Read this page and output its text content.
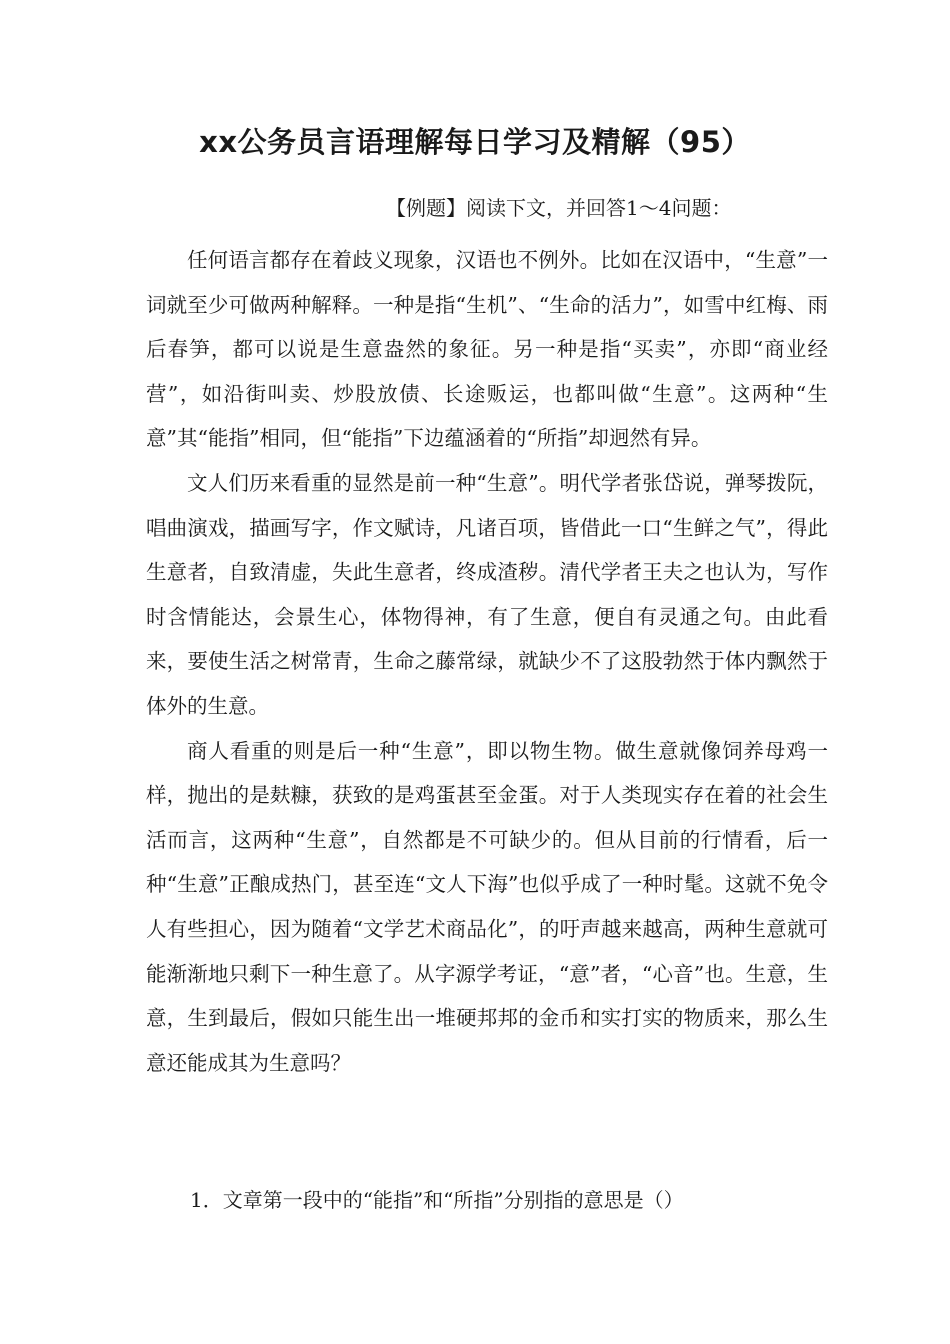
xx公务员言语理解每日学习及精解（95）
【例题】阅读下文，并回答1～4问题：

任何语言都存在着歧义现象，汉语也不例外。比如在汉语中，“生意”一词就至少可做两种解释。一种是指“生机”、“生命的活力”，如雪中红梅、雨后春笋，都可以说是生意盎然的象征。另一种是指“买卖”，亦即“商业经营”，如沿街叫卖、炒股放债、长途贩运，也都叫做“生意”。这两种“生意”其“能指”相同，但“能指”下边蕴涵着的“所指”却迥然有异。

文人们历来看重的显然是前一种“生意”。明代学者张岱说，弹琴拨阮，唱曲演戏，描画写字，作文赋诗，凡诸百项，皆借此一口“生鲜之气”，得此生意者，自致清虚，失此生意者，终成渣秽。清代学者王夫之也认为，写作时含情能达，会景生心，体物得神，有了生意，便自有灵通之句。由此看来，要使生活之树常青，生命之藤常绿，就缺少不了这股勃然于体内飘然于体外的生意。

商人看重的则是后一种“生意”，即以物生物。做生意就像饲养母鸡一样，抛出的是麸糠，获致的是鸡蛋甚至金蛋。对于人类现实存在着的社会生活而言，这两种“生意”，自然都是不可缺少的。但从目前的行情看，后一种“生意”正酿成热门，甚至连“文人下海”也似乎成了一种时髦。这就不免令人有些担心，因为随着“文学艺术商品化”，的吁声越来越高，两种生意就可能渐渐地只剩下一种生意了。从字源学考证，“意”者，“心音”也。生意，生意，生到最后，假如只能生出一堆硬邦邦的金币和实打实的物质来，那么生意还能成其为生意吗？

1．文章第一段中的“能指”和“所指”分别指的意思是（）
